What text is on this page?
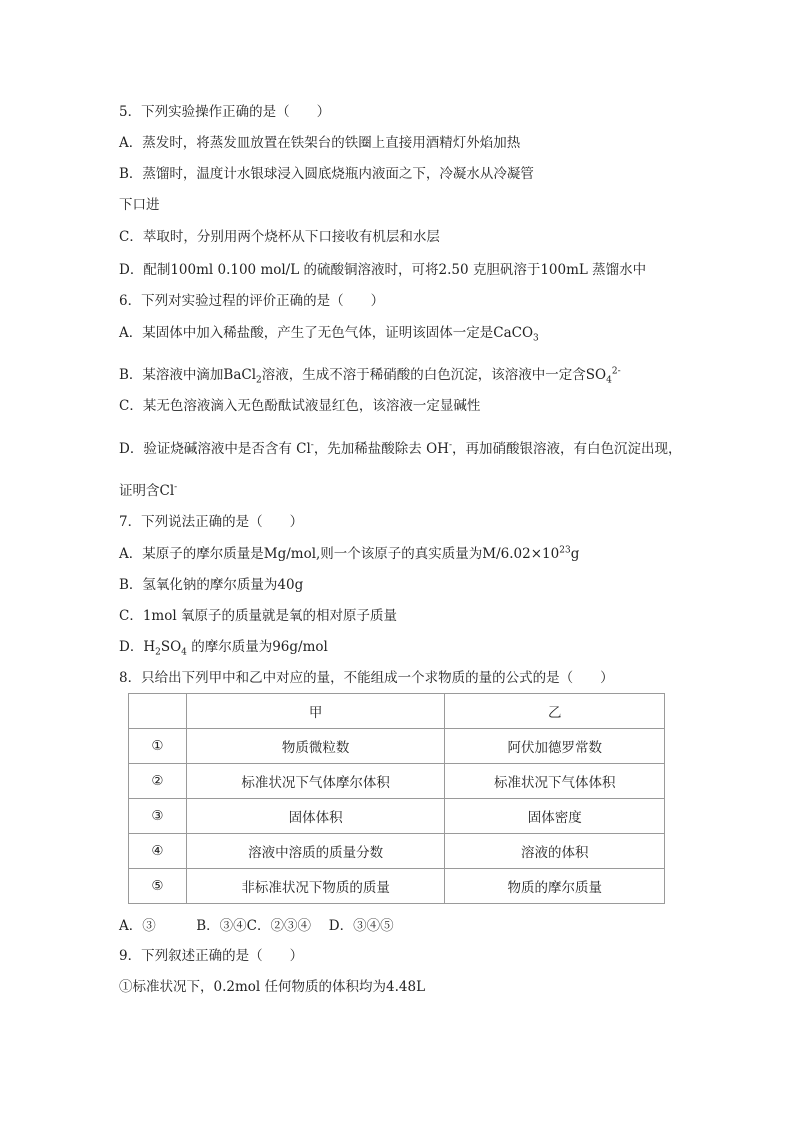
5．下列实验操作正确的是（　　）
A．蒸发时，将蒸发皿放置在铁架台的铁圈上直接用酒精灯外焰加热
B．蒸馏时，温度计水银球浸入圆底烧瓶内液面之下，冷凝水从冷凝管
下口进
C．萃取时，分别用两个烧杯从下口接收有机层和水层
D．配制100ml 0.100 mol/L 的硫酸铜溶液时，可将2.50 克胆矾溶于100mL 蒸馏水中
6．下列对实验过程的评价正确的是（　　）
A．某固体中加入稀盐酸，产生了无色气体，证明该固体一定是CaCO$_3$
B．某溶液中滴加BaCl$_2$溶液，生成不溶于稀硝酸的白色沉淀，该溶液中一定含$SO_4^{2-}$
C．某无色溶液滴入无色酚酞试液显红色，该溶液一定显碱性
D．验证烧碱溶液中是否含有 Cl-，先加稀盐酸除去 OH-，再加硝酸银溶液，有白色沉淀出现，
证明含Cl-
7．下列说法正确的是（　　）
A．某原子的摩尔质量是Mg/mol,则一个该原子的真实质量为$M/6.02\times 10^{23}g$
B．氢氧化钠的摩尔质量为40g
C．1mol 氧原子的质量就是氧的相对原子质量
D．$H_2SO_4$ 的摩尔质量为96g/mol
8．只给出下列甲中和乙中对应的量，不能组成一个求物质的量的公式的是（　　）
	甲	乙
①	物质微粒数	阿伏加德罗常数
②	标准状况下气体摩尔体积	标准状况下气体体积
③	固体体积	固体密度
④	溶液中溶质的质量分数	溶液的体积
⑤	非标准状况下物质的质量	物质的摩尔质量
A．③　　　B．③④C．②③④　 D．③④⑤
9．下列叙述正确的是（　　）
①标准状况下，0.2mol 任何物质的体积均为4.48L
